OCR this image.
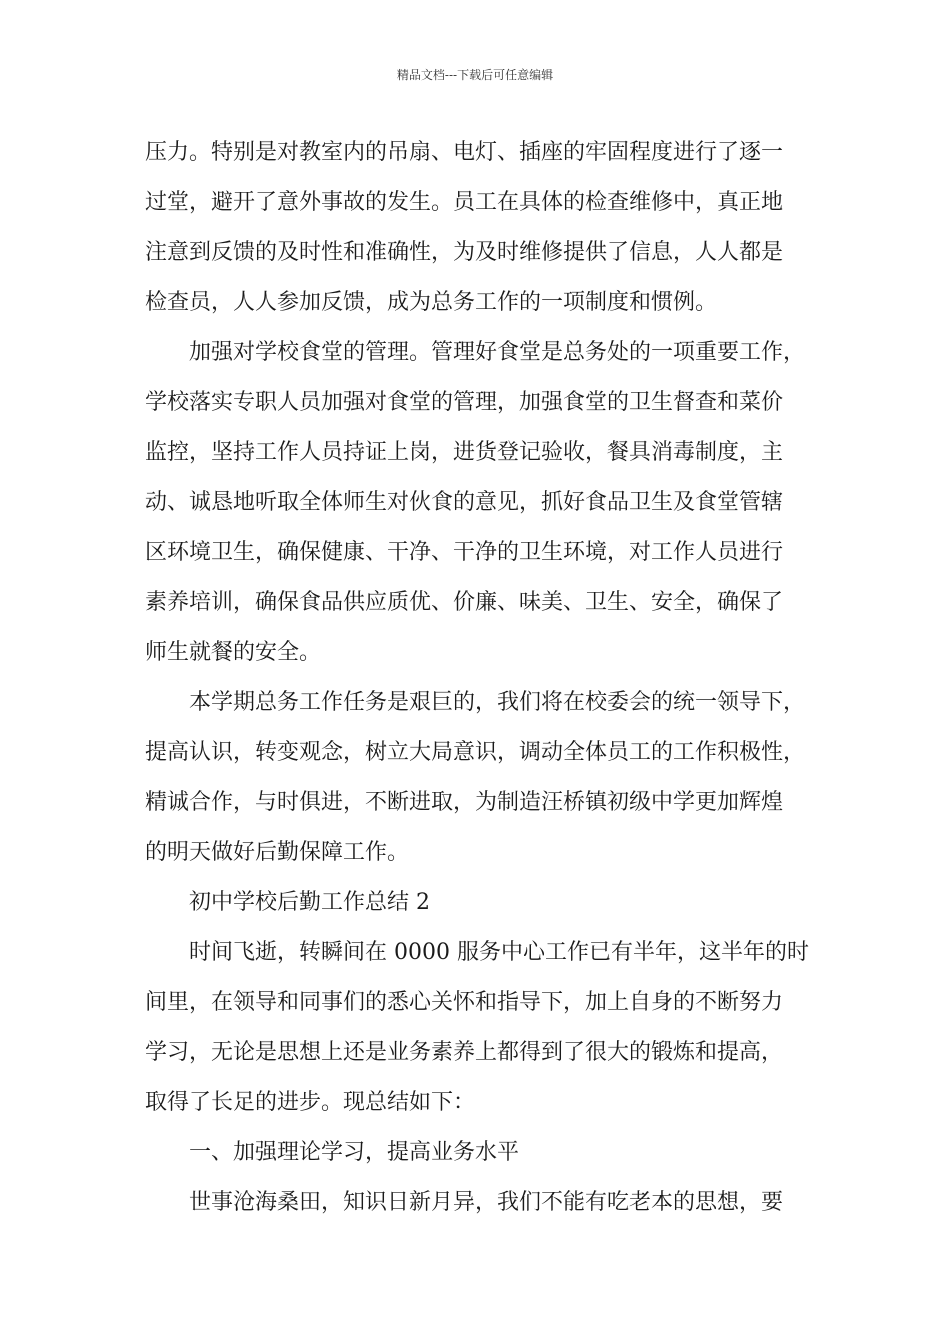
精品文档---下载后可任意编辑
压力。特别是对教室内的吊扇、电灯、插座的牢固程度进行了逐一
过堂，避开了意外事故的发生。员工在具体的检查维修中，真正地
注意到反馈的及时性和准确性，为及时维修提供了信息，人人都是
检查员，人人参加反馈，成为总务工作的一项制度和惯例。
加强对学校食堂的管理。管理好食堂是总务处的一项重要工作，
学校落实专职人员加强对食堂的管理，加强食堂的卫生督查和菜价
监控，坚持工作人员持证上岗，进货登记验收，餐具消毒制度，主
动、诚恳地听取全体师生对伙食的意见，抓好食品卫生及食堂管辖
区环境卫生，确保健康、干净、干净的卫生环境，对工作人员进行
素养培训，确保食品供应质优、价廉、味美、卫生、安全，确保了
师生就餐的安全。
本学期总务工作任务是艰巨的，我们将在校委会的统一领导下，
提高认识，转变观念，树立大局意识，调动全体员工的工作积极性，
精诚合作，与时俱进，不断进取，为制造汪桥镇初级中学更加辉煌
的明天做好后勤保障工作。
初中学校后勤工作总结 2
时间飞逝，转瞬间在 0000 服务中心工作已有半年，这半年的时
间里，在领导和同事们的悉心关怀和指导下，加上自身的不断努力
学习，无论是思想上还是业务素养上都得到了很大的锻炼和提高，
取得了长足的进步。现总结如下：
一、加强理论学习，提高业务水平
世事沧海桑田，知识日新月异，我们不能有吃老本的思想，要
